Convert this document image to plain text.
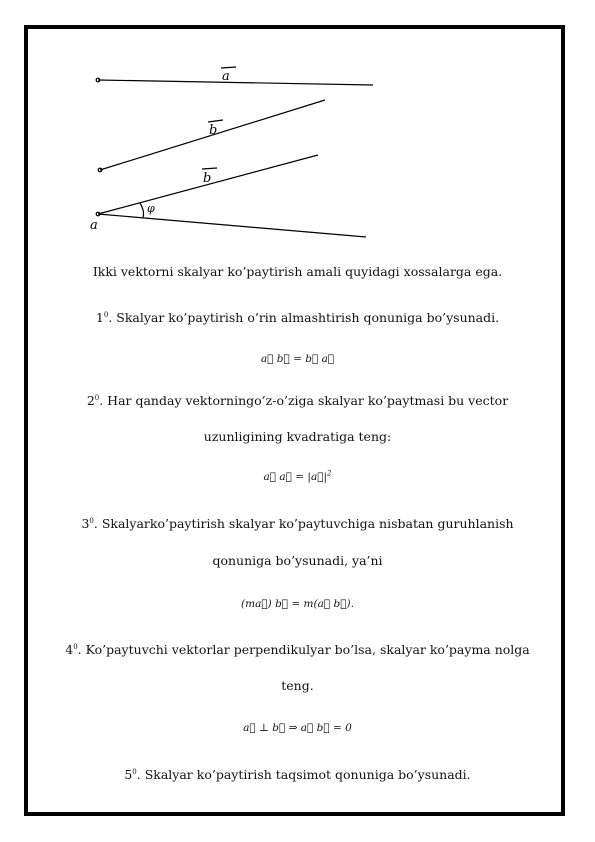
a
b
b
φ
a
Ikki vektorni skalyar ko’paytirish amali quyidagi xossalarga ega.
$1^0$. Skalyar ko’paytirish o’rin almashtirish qonuniga bo’ysunadi.
a⃗ b⃗ = b⃗ a⃗
$2^0$. Har qanday vektorningo’z-o’ziga skalyar ko’paytmasi bu vector
uzunligining kvadratiga teng:
a⃗ a⃗ = $|a⃗|^2$
$3^0$. Skalyarko’paytirish skalyar ko’paytuvchiga nisbatan guruhlanish
qonuniga bo’ysunadi, ya’ni
(ma⃗) b⃗ = m(a⃗ b⃗).
$4^0$. Ko’paytuvchi vektorlar perpendikulyar bo’lsa, skalyar ko’payma nolga
teng.
a⃗ ⊥ b⃗ ⇒ a⃗ b⃗ = 0
$5^0$. Skalyar ko’paytirish taqsimot qonuniga bo’ysunadi.
